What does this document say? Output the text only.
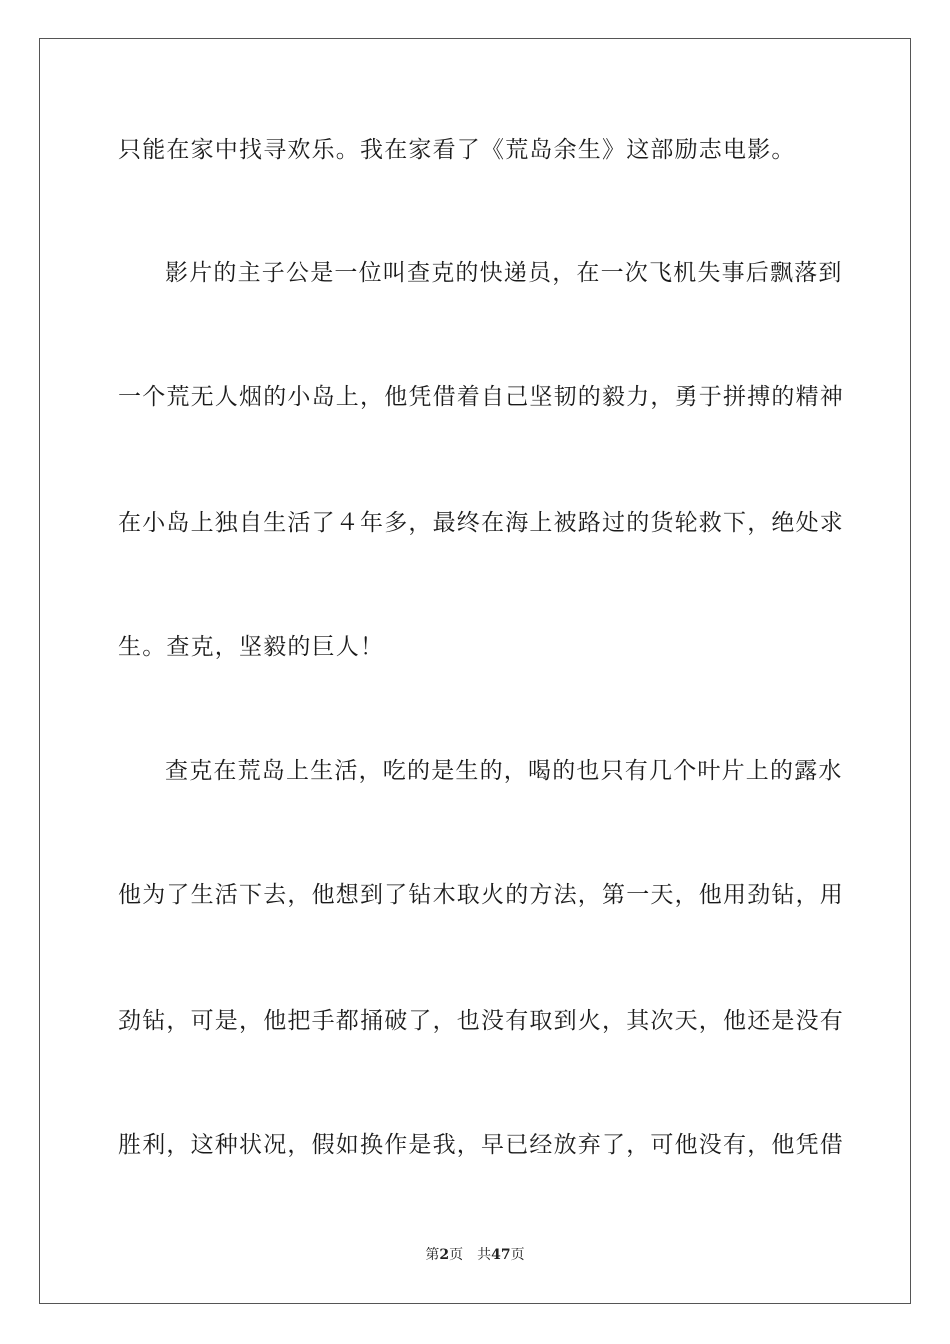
只能在家中找寻欢乐。我在家看了《荒岛余生》这部励志电影。
影片的主子公是一位叫查克的快递员，在一次飞机失事后飘落到
一个荒无人烟的小岛上，他凭借着自己坚韧的毅力，勇于拼搏的精神
在小岛上独自生活了４年多，最终在海上被路过的货轮救下，绝处求
生。查克，坚毅的巨人！
查克在荒岛上生活，吃的是生的，喝的也只有几个叶片上的露水
他为了生活下去，他想到了钻木取火的方法，第一天，他用劲钻，用
劲钻，可是，他把手都捅破了，也没有取到火，其次天，他还是没有
胜利，这种状况，假如换作是我，早已经放弃了，可他没有，他凭借
第2页 共47页
